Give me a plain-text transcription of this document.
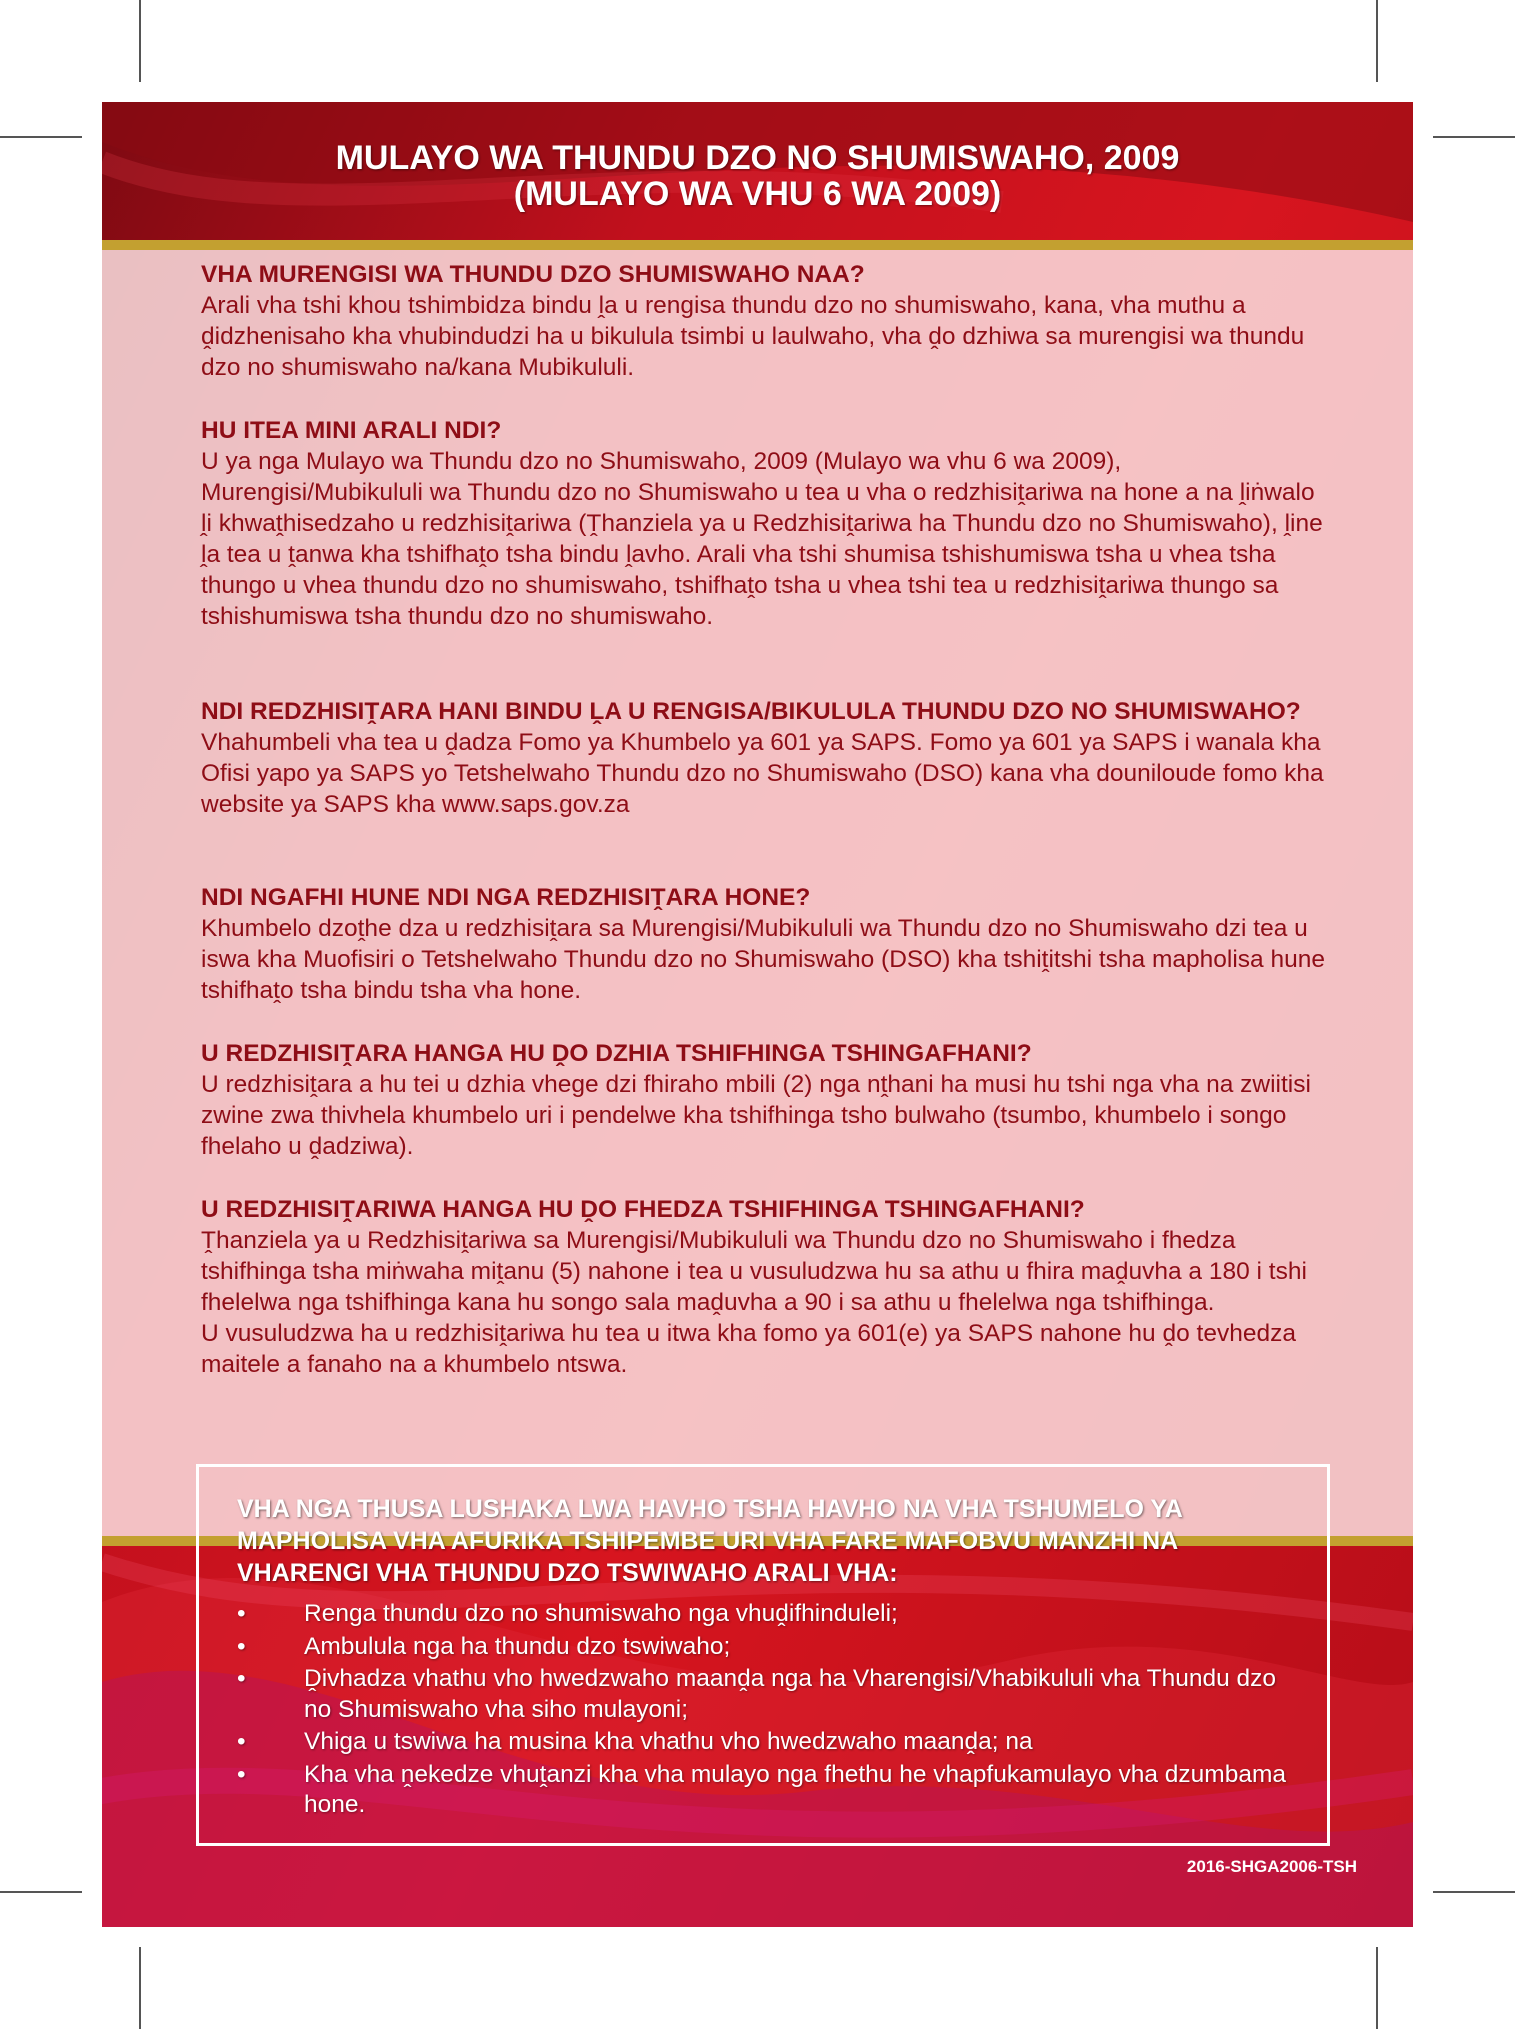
MULAYO WA THUNDU DZO NO SHUMISWAHO, 2009
(MULAYO WA VHU 6 WA 2009)
VHA MURENGISI WA THUNDU DZO SHUMISWAHO NAA?

Arali vha tshi khou tshimbidza bindu ḽa u rengisa thundu dzo no shumiswaho, kana, vha muthu a ḓidzhenisaho kha vhubindudzi ha u bikulula tsimbi u laulwaho, vha ḓo dzhiwa sa murengisi wa thundu dzo no shumiswaho na/kana Mubikululi.

HU ITEA MINI ARALI NDI?

U ya nga Mulayo wa Thundu dzo no Shumiswaho, 2009 (Mulayo wa vhu 6 wa 2009), Murengisi/Mubikululi wa Thundu dzo no Shumiswaho u tea u vha o redzhisiṱariwa na hone a na ḽiṅwalo ḽi khwaṱhisedzaho u redzhisiṱariwa (Ṱhanziela ya u Redzhisiṱariwa ha Thundu dzo no Shumiswaho), ḽine ḽa tea u ṱanwa kha tshifhaṱo tsha bindu ḽavho. Arali vha tshi shumisa tshishumiswa tsha u vhea tsha thungo u vhea thundu dzo no shumiswaho, tshifhaṱo tsha u vhea tshi tea u redzhisiṱariwa thungo sa tshishumiswa tsha thundu dzo no shumiswaho.

NDI REDZHISIṰARA HANI BINDU ḼA U RENGISA/BIKULULA THUNDU DZO NO SHUMISWAHO?

Vhahumbeli vha tea u ḓadza Fomo ya Khumbelo ya 601 ya SAPS. Fomo ya 601 ya SAPS i wanala kha Ofisi yapo ya SAPS yo Tetshelwaho Thundu dzo no Shumiswaho (DSO) kana vha douniloude fomo kha website ya SAPS kha www.saps.gov.za

NDI NGAFHI HUNE NDI NGA REDZHISIṰARA HONE?

Khumbelo dzoṱhe dza u redzhisiṱara sa Murengisi/Mubikululi wa Thundu dzo no Shumiswaho dzi tea u iswa kha Muofisiri o Tetshelwaho Thundu dzo no Shumiswaho (DSO) kha tshiṱitshi tsha mapholisa hune tshifhaṱo tsha bindu tsha vha hone.

U REDZHISIṰARA HANGA HU ḒO DZHIA TSHIFHINGA TSHINGAFHANI?

U redzhisiṱara a hu tei u dzhia vhege dzi fhiraho mbili (2) nga nṱhani ha musi hu tshi nga vha na zwiitisi zwine zwa thivhela khumbelo uri i pendelwe kha tshifhinga tsho bulwaho (tsumbo, khumbelo i songo fhelaho u ḓadziwa).

U REDZHISIṰARIWA HANGA HU ḒO FHEDZA TSHIFHINGA TSHINGAFHANI?

Ṱhanziela ya u Redzhisiṱariwa sa Murengisi/Mubikululi wa Thundu dzo no Shumiswaho i fhedza tshifhinga tsha miṅwaha miṱanu (5) nahone i tea u vusuludzwa hu sa athu u fhira maḓuvha a 180 i tshi fhelelwa nga tshifhinga kana hu songo sala maḓuvha a 90 i sa athu u fhelelwa nga tshifhinga.

U vusuludzwa ha u redzhisiṱariwa hu tea u itwa kha fomo ya 601(e) ya SAPS nahone hu ḓo tevhedza maitele a fanaho na a khumbelo ntswa.

VHA NGA THUSA LUSHAKA LWA HAVHO TSHA HAVHO NA VHA TSHUMELO YA MAPHOLISA VHA AFURIKA TSHIPEMBE URI VHA FARE MAFOBVU MANZHI NA VHARENGI VHA THUNDU DZO TSWIWAHO ARALI VHA:
• Renga thundu dzo no shumiswaho nga vhuḓifhinduleli;
• Ambulula nga ha thundu dzo tswiwaho;
• Ḓivhadza vhathu vho hwedzwaho maanḓa nga ha Vharengisi/Vhabikululi vha Thundu dzo no Shumiswaho vha siho mulayoni;
• Vhiga u tswiwa ha musina kha vhathu vho hwedzwaho maanḓa; na
• Kha vha ṋekedze vhuṱanzi kha vha mulayo nga fhethu he vhapfukamulayo vha dzumbama hone.
2016-SHGA2006-TSH
